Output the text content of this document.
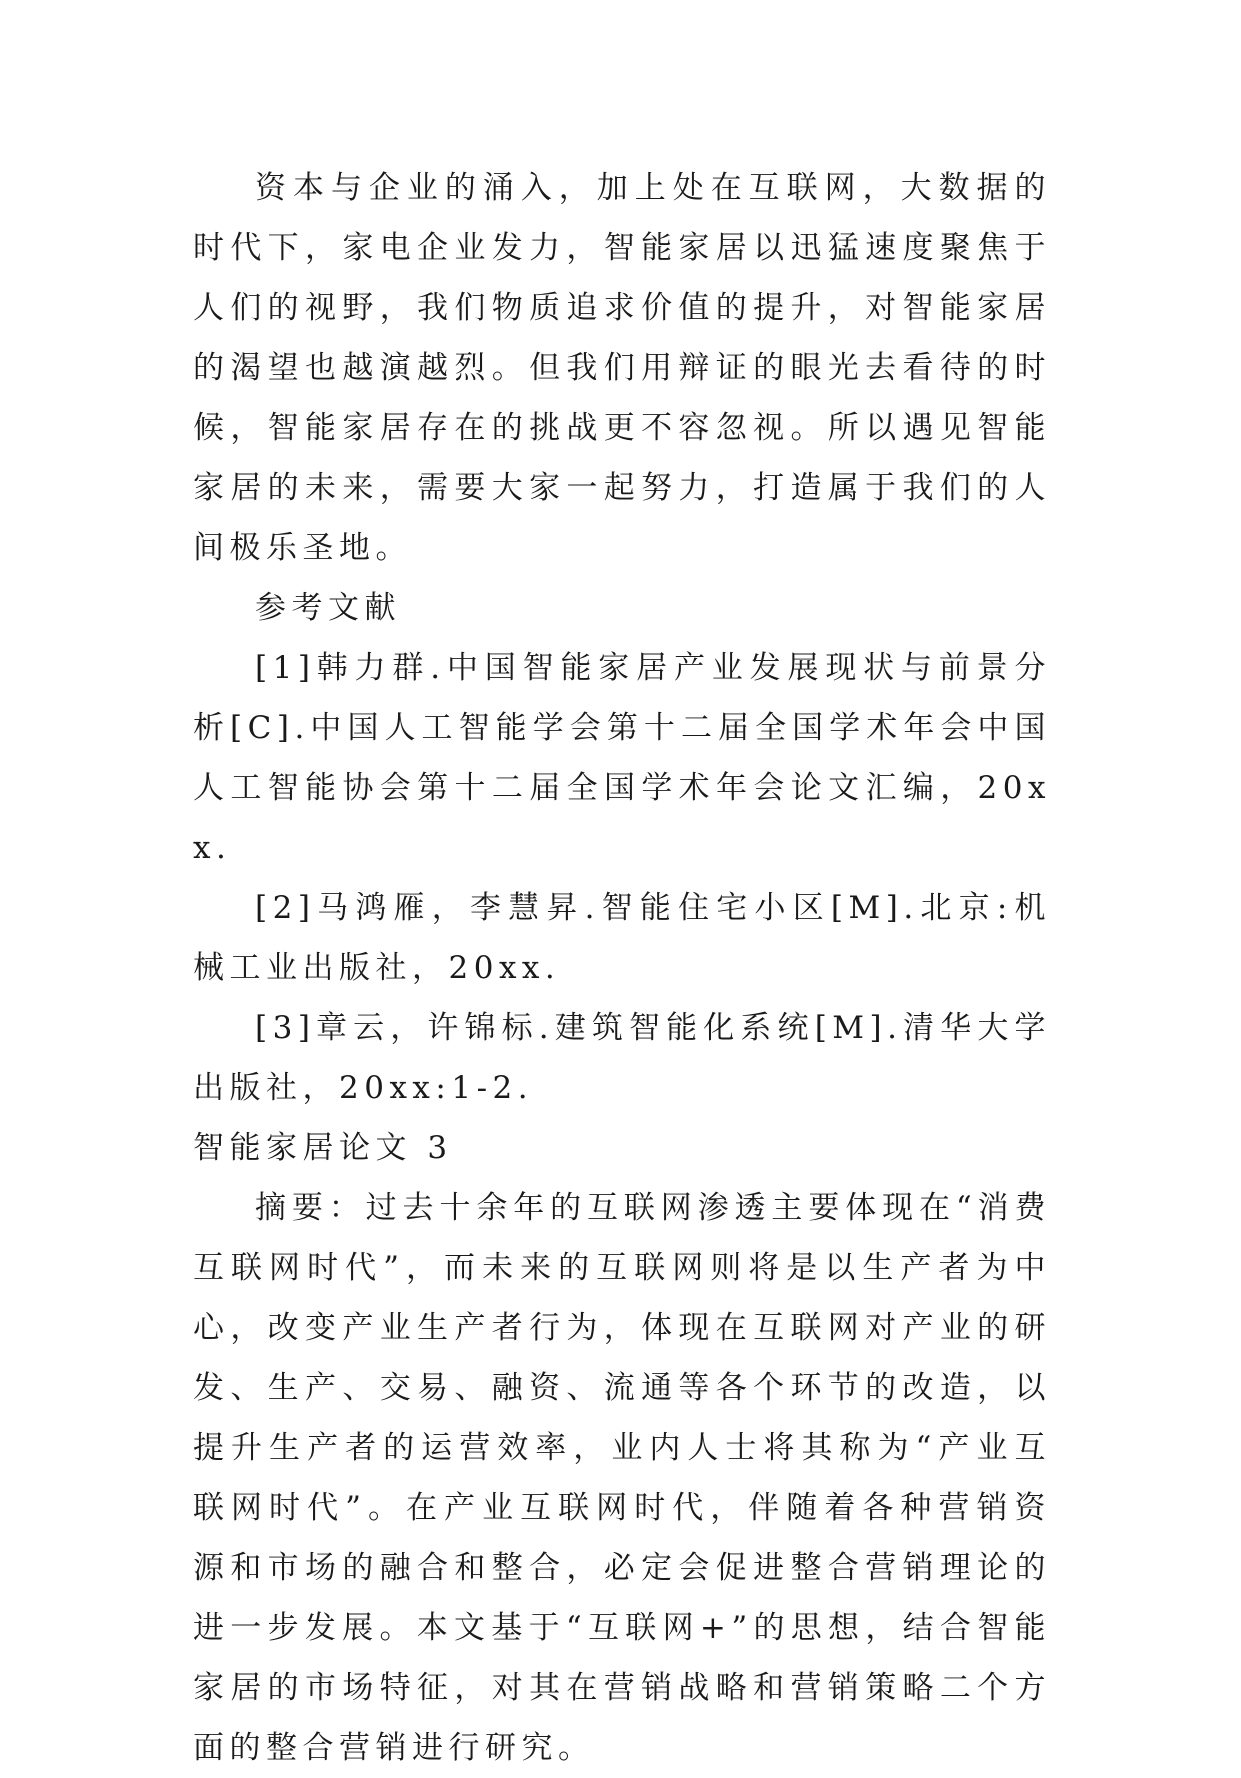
资本与企业的涌入，加上处在互联网，大数据的时代下，家电企业发力，智能家居以迅猛速度聚焦于人们的视野，我们物质追求价值的提升，对智能家居的渴望也越演越烈。但我们用辩证的眼光去看待的时候，智能家居存在的挑战更不容忽视。所以遇见智能家居的未来，需要大家一起努力，打造属于我们的人间极乐圣地。

参考文献

[1]韩力群.中国智能家居产业发展现状与前景分析[C].中国人工智能学会第十二届全国学术年会中国人工智能协会第十二届全国学术年会论文汇编，20xx.

[2]马鸿雁，李慧昇.智能住宅小区[M].北京:机械工业出版社，20xx.

[3]章云，许锦标.建筑智能化系统[M].清华大学出版社，20xx:1-2.

智能家居论文 3

摘要：过去十余年的互联网渗透主要体现在“消费互联网时代”，而未来的互联网则将是以生产者为中心，改变产业生产者行为，体现在互联网对产业的研发、生产、交易、融资、流通等各个环节的改造，以提升生产者的运营效率，业内人士将其称为“产业互联网时代”。在产业互联网时代，伴随着各种营销资源和市场的融合和整合，必定会促进整合营销理论的进一步发展。本文基于“互联网+”的思想，结合智能家居的市场特征，对其在营销战略和营销策略二个方面的整合营销进行研究。
